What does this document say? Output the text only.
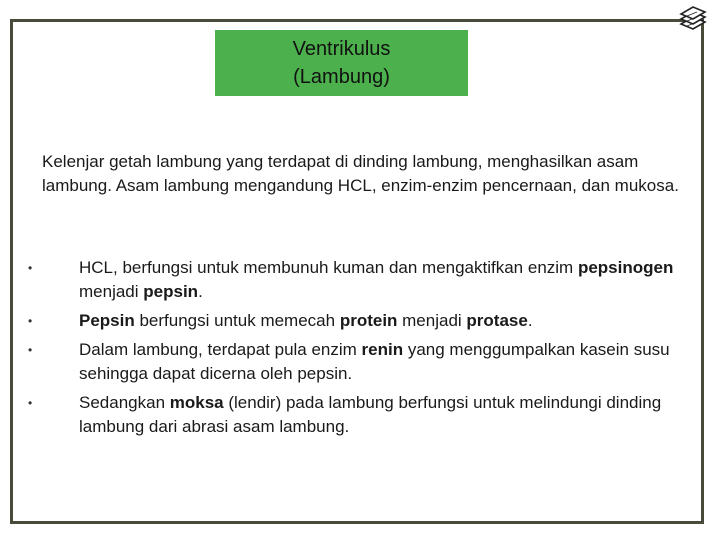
Ventrikulus
(Lambung)

Kelenjar getah lambung yang terdapat di dinding lambung, menghasilkan asam lambung. Asam lambung mengandung HCL, enzim-enzim pencernaan, dan mukosa.

•	HCL, berfungsi untuk membunuh kuman dan mengaktifkan enzim pepsinogen menjadi pepsin.
•	Pepsin berfungsi untuk memecah protein menjadi protase.
•	Dalam lambung, terdapat pula enzim renin yang menggumpalkan kasein susu sehingga dapat dicerna oleh pepsin.
•	Sedangkan moksa (lendir) pada lambung berfungsi untuk melindungi dinding lambung dari abrasi asam lambung.
